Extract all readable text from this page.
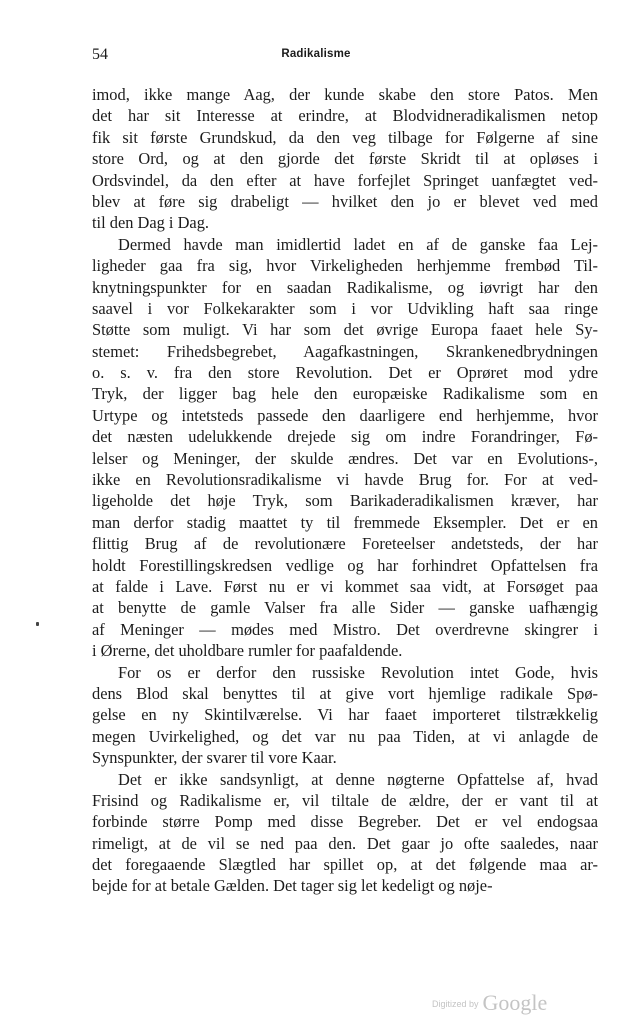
54	Radikalisme
imod, ikke mange Aag, der kunde skabe den store Patos. Men
det har sit Interesse at erindre, at Blodvidneradikalismen netop
fik sit første Grundskud, da den veg tilbage for Følgerne af sine
store Ord, og at den gjorde det første Skridt til at opløses i
Ordsvindel, da den efter at have forfejlet Springet uanfægtet ved-
blev at føre sig drabeligt — hvilket den jo er blevet ved med
til den Dag i Dag.
Dermed havde man imidlertid ladet en af de ganske faa Lej-
ligheder gaa fra sig, hvor Virkeligheden herhjemme frembød Til-
knytningspunkter for en saadan Radikalisme, og iøvrigt har den
saavel i vor Folkekarakter som i vor Udvikling haft saa ringe
Støtte som muligt. Vi har som det øvrige Europa faaet hele Sy-
stemet: Frihedsbegrebet, Aagafkastningen, Skrankenedbrydningen
o. s. v. fra den store Revolution. Det er Oprøret mod ydre
Tryk, der ligger bag hele den europæiske Radikalisme som en
Urtype og intetsteds passede den daarligere end herhjemme, hvor
det næsten udelukkende drejede sig om indre Forandringer, Fø-
lelser og Meninger, der skulde ændres. Det var en Evolutions-,
ikke en Revolutionsradikalisme vi havde Brug for. For at ved-
ligeholde det høje Tryk, som Barikaderadikalismen kræver, har
man derfor stadig maattet ty til fremmede Eksempler. Det er en
flittig Brug af de revolutionære Foreteelser andetsteds, der har
holdt Forestillingskredsen vedlige og har forhindret Opfattelsen fra
at falde i Lave. Først nu er vi kommet saa vidt, at Forsøget paa
at benytte de gamle Valser fra alle Sider — ganske uafhængig
af Meninger — mødes med Mistro. Det overdrevne skingrer i
i Ørerne, det uholdbare rumler for paafaldende.
For os er derfor den russiske Revolution intet Gode, hvis
dens Blod skal benyttes til at give vort hjemlige radikale Spø-
gelse en ny Skintilværelse. Vi har faaet importeret tilstrækkelig
megen Uvirkelighed, og det var nu paa Tiden, at vi anlagde de
Synspunkter, der svarer til vore Kaar.
Det er ikke sandsynligt, at denne nøgterne Opfattelse af, hvad
Frisind og Radikalisme er, vil tiltale de ældre, der er vant til at
forbinde større Pomp med disse Begreber. Det er vel endogsaa
rimeligt, at de vil se ned paa den. Det gaar jo ofte saaledes, naar
det foregaaende Slægtled har spillet op, at det følgende maa ar-
bejde for at betale Gælden. Det tager sig let kedeligt og nøje-
Digitized by Google
